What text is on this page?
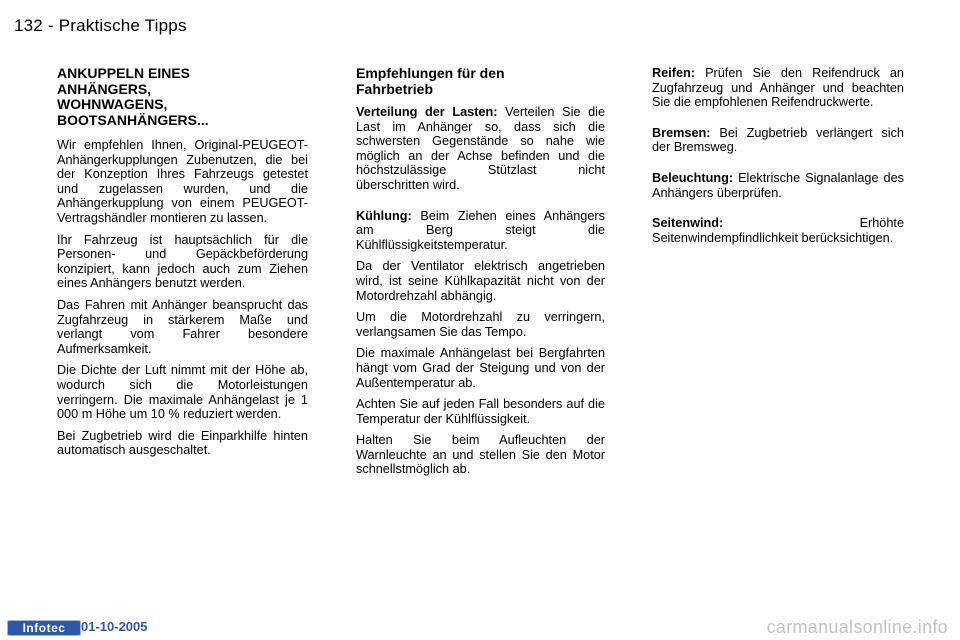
132 - Praktische Tipps
ANKUPPELN EINES
ANHÄNGERS,
WOHNWAGENS,
BOOTSANHÄNGERS...

Wir empfehlen Ihnen, Original-PEUGEOT-Anhängerkupplungen Zubenutzen, die bei der Konzeption Ihres Fahrzeugs getestet und zugelassen wurden, und die Anhängerkupplung von einem PEUGEOT-Vertragshändler montieren zu lassen.

Ihr Fahrzeug ist hauptsächlich für die Personen- und Gepäckbeförderung konzipiert, kann jedoch auch zum Ziehen eines Anhängers benutzt werden.

Das Fahren mit Anhänger beansprucht das Zugfahrzeug in stärkerem Maße und verlangt vom Fahrer besondere Aufmerksamkeit.

Die Dichte der Luft nimmt mit der Höhe ab, wodurch sich die Motorleistungen verringern. Die maximale Anhängelast je 1 000 m Höhe um 10 % reduziert werden.

Bei Zugbetrieb wird die Einparkhilfe hinten automatisch ausgeschaltet.

Empfehlungen für den
Fahrbetrieb

Verteilung der Lasten: Verteilen Sie die Last im Anhänger so, dass sich die schwersten Gegenstände so nahe wie möglich an der Achse befinden und die höchstzulässige Stützlast nicht überschritten wird.

Kühlung: Beim Ziehen eines Anhängers am Berg steigt die Kühlflüssigkeitstemperatur.

Da der Ventilator elektrisch angetrieben wird, ist seine Kühlkapazität nicht von der Motordrehzahl abhängig.

Um die Motordrehzahl zu verringern, verlangsamen Sie das Tempo.

Die maximale Anhängelast bei Bergfahrten hängt vom Grad der Steigung und von der Außentemperatur ab.

Achten Sie auf jeden Fall besonders auf die Temperatur der Kühlflüssigkeit.

Halten Sie beim Aufleuchten der Warnleuchte an und stellen Sie den Motor schnellstmöglich ab.

Reifen: Prüfen Sie den Reifendruck an Zugfahrzeug und Anhänger und beachten Sie die empfohlenen Reifendruckwerte.

Bremsen: Bei Zugbetrieb verlängert sich der Bremsweg.

Beleuchtung: Elektrische Signalanlage des Anhängers überprüfen.

Seitenwind:	Erhöhte Seitenwindempfindlichkeit berücksichtigen.

Infotec	01-10-2005	carmanualsonline.info
